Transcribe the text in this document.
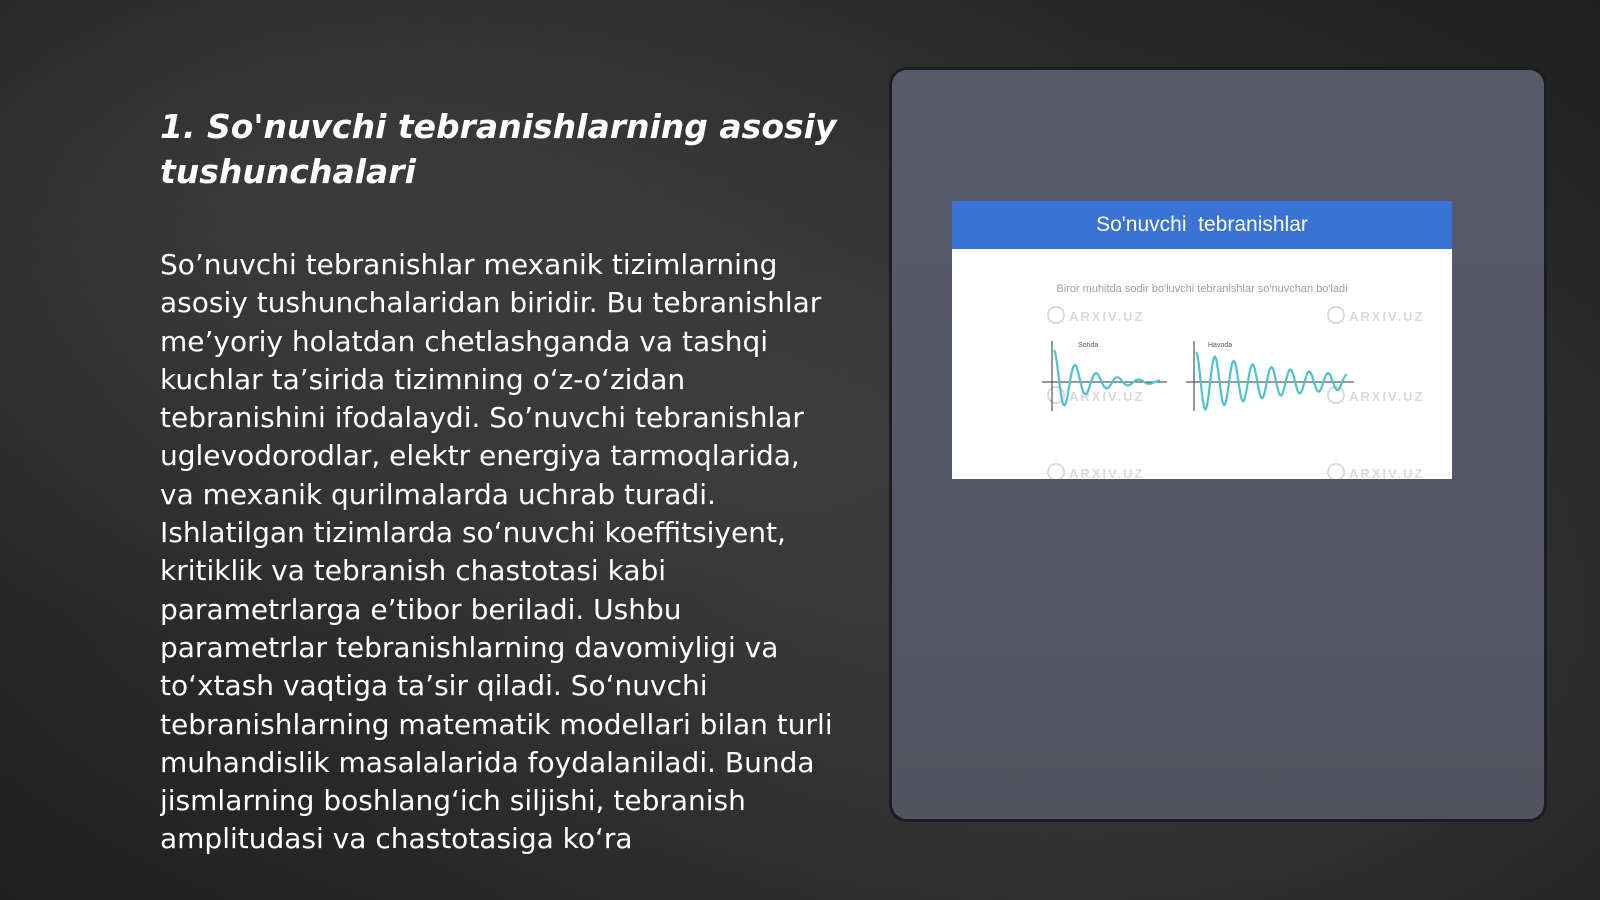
1. So'nuvchi tebranishlarning asosiy tushunchalari

So’nuvchi tebranishlar mexanik tizimlarning asosiy tushunchalaridan biridir. Bu tebranishlar me’yoriy holatdan chetlashganda va tashqi kuchlar ta’sirida tizimning o‘z-o‘zidan tebranishini ifodalaydi. So’nuvchi tebranishlar uglevodorodlar, elektr energiya tarmoqlarida, va mexanik qurilmalarda uchrab turadi. Ishlatilgan tizimlarda so‘nuvchi koeffitsiyent, kritiklik va tebranish chastotasi kabi parametrlarga e’tibor beriladi. Ushbu parametrlar tebranishlarning davomiyligi va to‘xtash vaqtiga ta’sir qiladi. So‘nuvchi tebranishlarning matematik modellari bilan turli muhandislik masalalarida foydalaniladi. Bunda jismlarning boshlang‘ich siljishi, tebranish amplitudasi va chastotasiga ko‘ra

So'nuvchi  tebranishlar
Biror muhitda sodir bo'luvchi tebranishlar so'nuvchan bo'ladi
ARXIV.UZ	ARXIV.UZ
ARXIV.UZ	ARXIV.UZ
ARXIV.UZ	ARXIV.UZ
Sonda	Havoda
